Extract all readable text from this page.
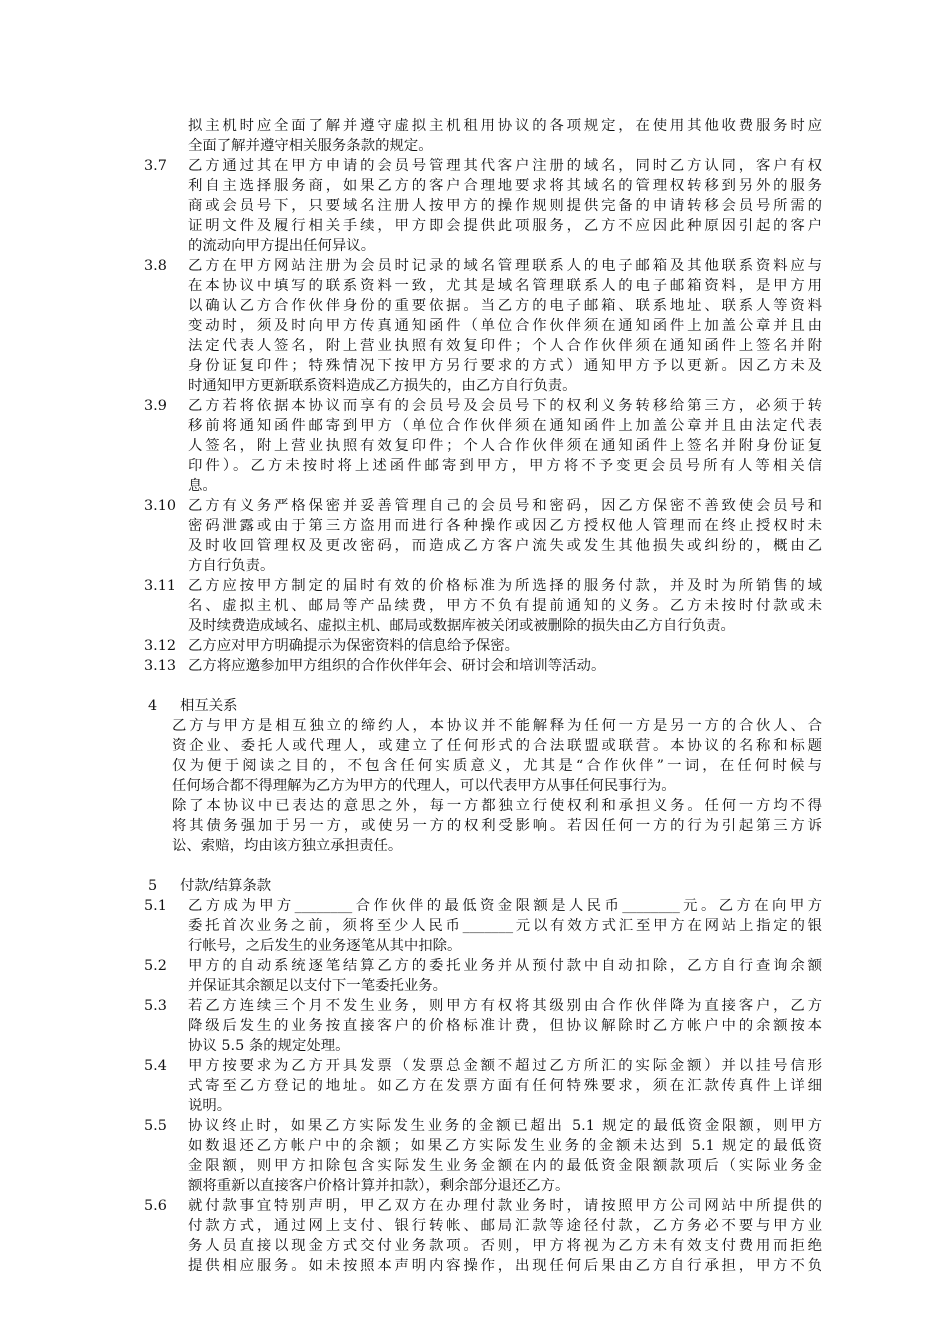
拟主机时应全面了解并遵守虚拟主机租用协议的各项规定，在使用其他收费服务时应
全面了解并遵守相关服务条款的规定。
3.7 乙方通过其在甲方申请的会员号管理其代客户注册的域名，同时乙方认同，客户有权
利自主选择服务商，如果乙方的客户合理地要求将其域名的管理权转移到另外的服务
商或会员号下，只要域名注册人按甲方的操作规则提供完备的申请转移会员号所需的
证明文件及履行相关手续，甲方即会提供此项服务，乙方不应因此种原因引起的客户
的流动向甲方提出任何异议。
3.8 乙方在甲方网站注册为会员时记录的域名管理联系人的电子邮箱及其他联系资料应与
在本协议中填写的联系资料一致，尤其是域名管理联系人的电子邮箱资料，是甲方用
以确认乙方合作伙伴身份的重要依据。当乙方的电子邮箱、联系地址、联系人等资料
变动时，须及时向甲方传真通知函件（单位合作伙伴须在通知函件上加盖公章并且由
法定代表人签名，附上营业执照有效复印件；个人合作伙伴须在通知函件上签名并附
身份证复印件；特殊情况下按甲方另行要求的方式）通知甲方予以更新。因乙方未及
时通知甲方更新联系资料造成乙方损失的，由乙方自行负责。
3.9 乙方若将依据本协议而享有的会员号及会员号下的权利义务转移给第三方，必须于转
移前将通知函件邮寄到甲方（单位合作伙伴须在通知函件上加盖公章并且由法定代表
人签名，附上营业执照有效复印件；个人合作伙伴须在通知函件上签名并附身份证复
印件）。乙方未按时将上述函件邮寄到甲方，甲方将不予变更会员号所有人等相关信
息。
3.10 乙方有义务严格保密并妥善管理自己的会员号和密码，因乙方保密不善致使会员号和
密码泄露或由于第三方盗用而进行各种操作或因乙方授权他人管理而在终止授权时未
及时收回管理权及更改密码，而造成乙方客户流失或发生其他损失或纠纷的，概由乙
方自行负责。
3.11 乙方应按甲方制定的届时有效的价格标准为所选择的服务付款，并及时为所销售的域
名、虚拟主机、邮局等产品续费，甲方不负有提前通知的义务。乙方未按时付款或未
及时续费造成域名、虚拟主机、邮局或数据库被关闭或被删除的损失由乙方自行负责。
3.12 乙方应对甲方明确提示为保密资料的信息给予保密。
3.13 乙方将应邀参加甲方组织的合作伙伴年会、研讨会和培训等活动。
4 相互关系
乙方与甲方是相互独立的缔约人，本协议并不能解释为任何一方是另一方的合伙人、合
资企业、委托人或代理人，或建立了任何形式的合法联盟或联营。本协议的名称和标题
仅为便于阅读之目的，不包含任何实质意义，尤其是“合作伙伴”一词，在任何时候与
任何场合都不得理解为乙方为甲方的代理人，可以代表甲方从事任何民事行为。
除了本协议中已表达的意思之外，每一方都独立行使权利和承担义务。任何一方均不得
将其债务强加于另一方，或使另一方的权利受影响。若因任何一方的行为引起第三方诉
讼、索赔，均由该方独立承担责任。
5 付款/结算条款
5.1 乙方成为甲方________合作伙伴的最低资金限额是人民币________元。乙方在向甲方
委托首次业务之前，须将至少人民币_______元以有效方式汇至甲方在网站上指定的银
行帐号，之后发生的业务逐笔从其中扣除。
5.2 甲方的自动系统逐笔结算乙方的委托业务并从预付款中自动扣除，乙方自行查询余额
并保证其余额足以支付下一笔委托业务。
5.3 若乙方连续三个月不发生业务，则甲方有权将其级别由合作伙伴降为直接客户，乙方
降级后发生的业务按直接客户的价格标准计费，但协议解除时乙方帐户中的余额按本
协议 5.5 条的规定处理。
5.4 甲方按要求为乙方开具发票（发票总金额不超过乙方所汇的实际金额）并以挂号信形
式寄至乙方登记的地址。如乙方在发票方面有任何特殊要求，须在汇款传真件上详细
说明。
5.5 协议终止时，如果乙方实际发生业务的金额已超出 5.1 规定的最低资金限额，则甲方
如数退还乙方帐户中的余额；如果乙方实际发生业务的金额未达到 5.1 规定的最低资
金限额，则甲方扣除包含实际发生业务金额在内的最低资金限额款项后（实际业务金
额将重新以直接客户价格计算并扣款），剩余部分退还乙方。
5.6 就付款事宜特别声明，甲乙双方在办理付款业务时，请按照甲方公司网站中所提供的
付款方式，通过网上支付、银行转帐、邮局汇款等途径付款，乙方务必不要与甲方业
务人员直接以现金方式交付业务款项。否则，甲方将视为乙方未有效支付费用而拒绝
提供相应服务。如未按照本声明内容操作，出现任何后果由乙方自行承担，甲方不负
